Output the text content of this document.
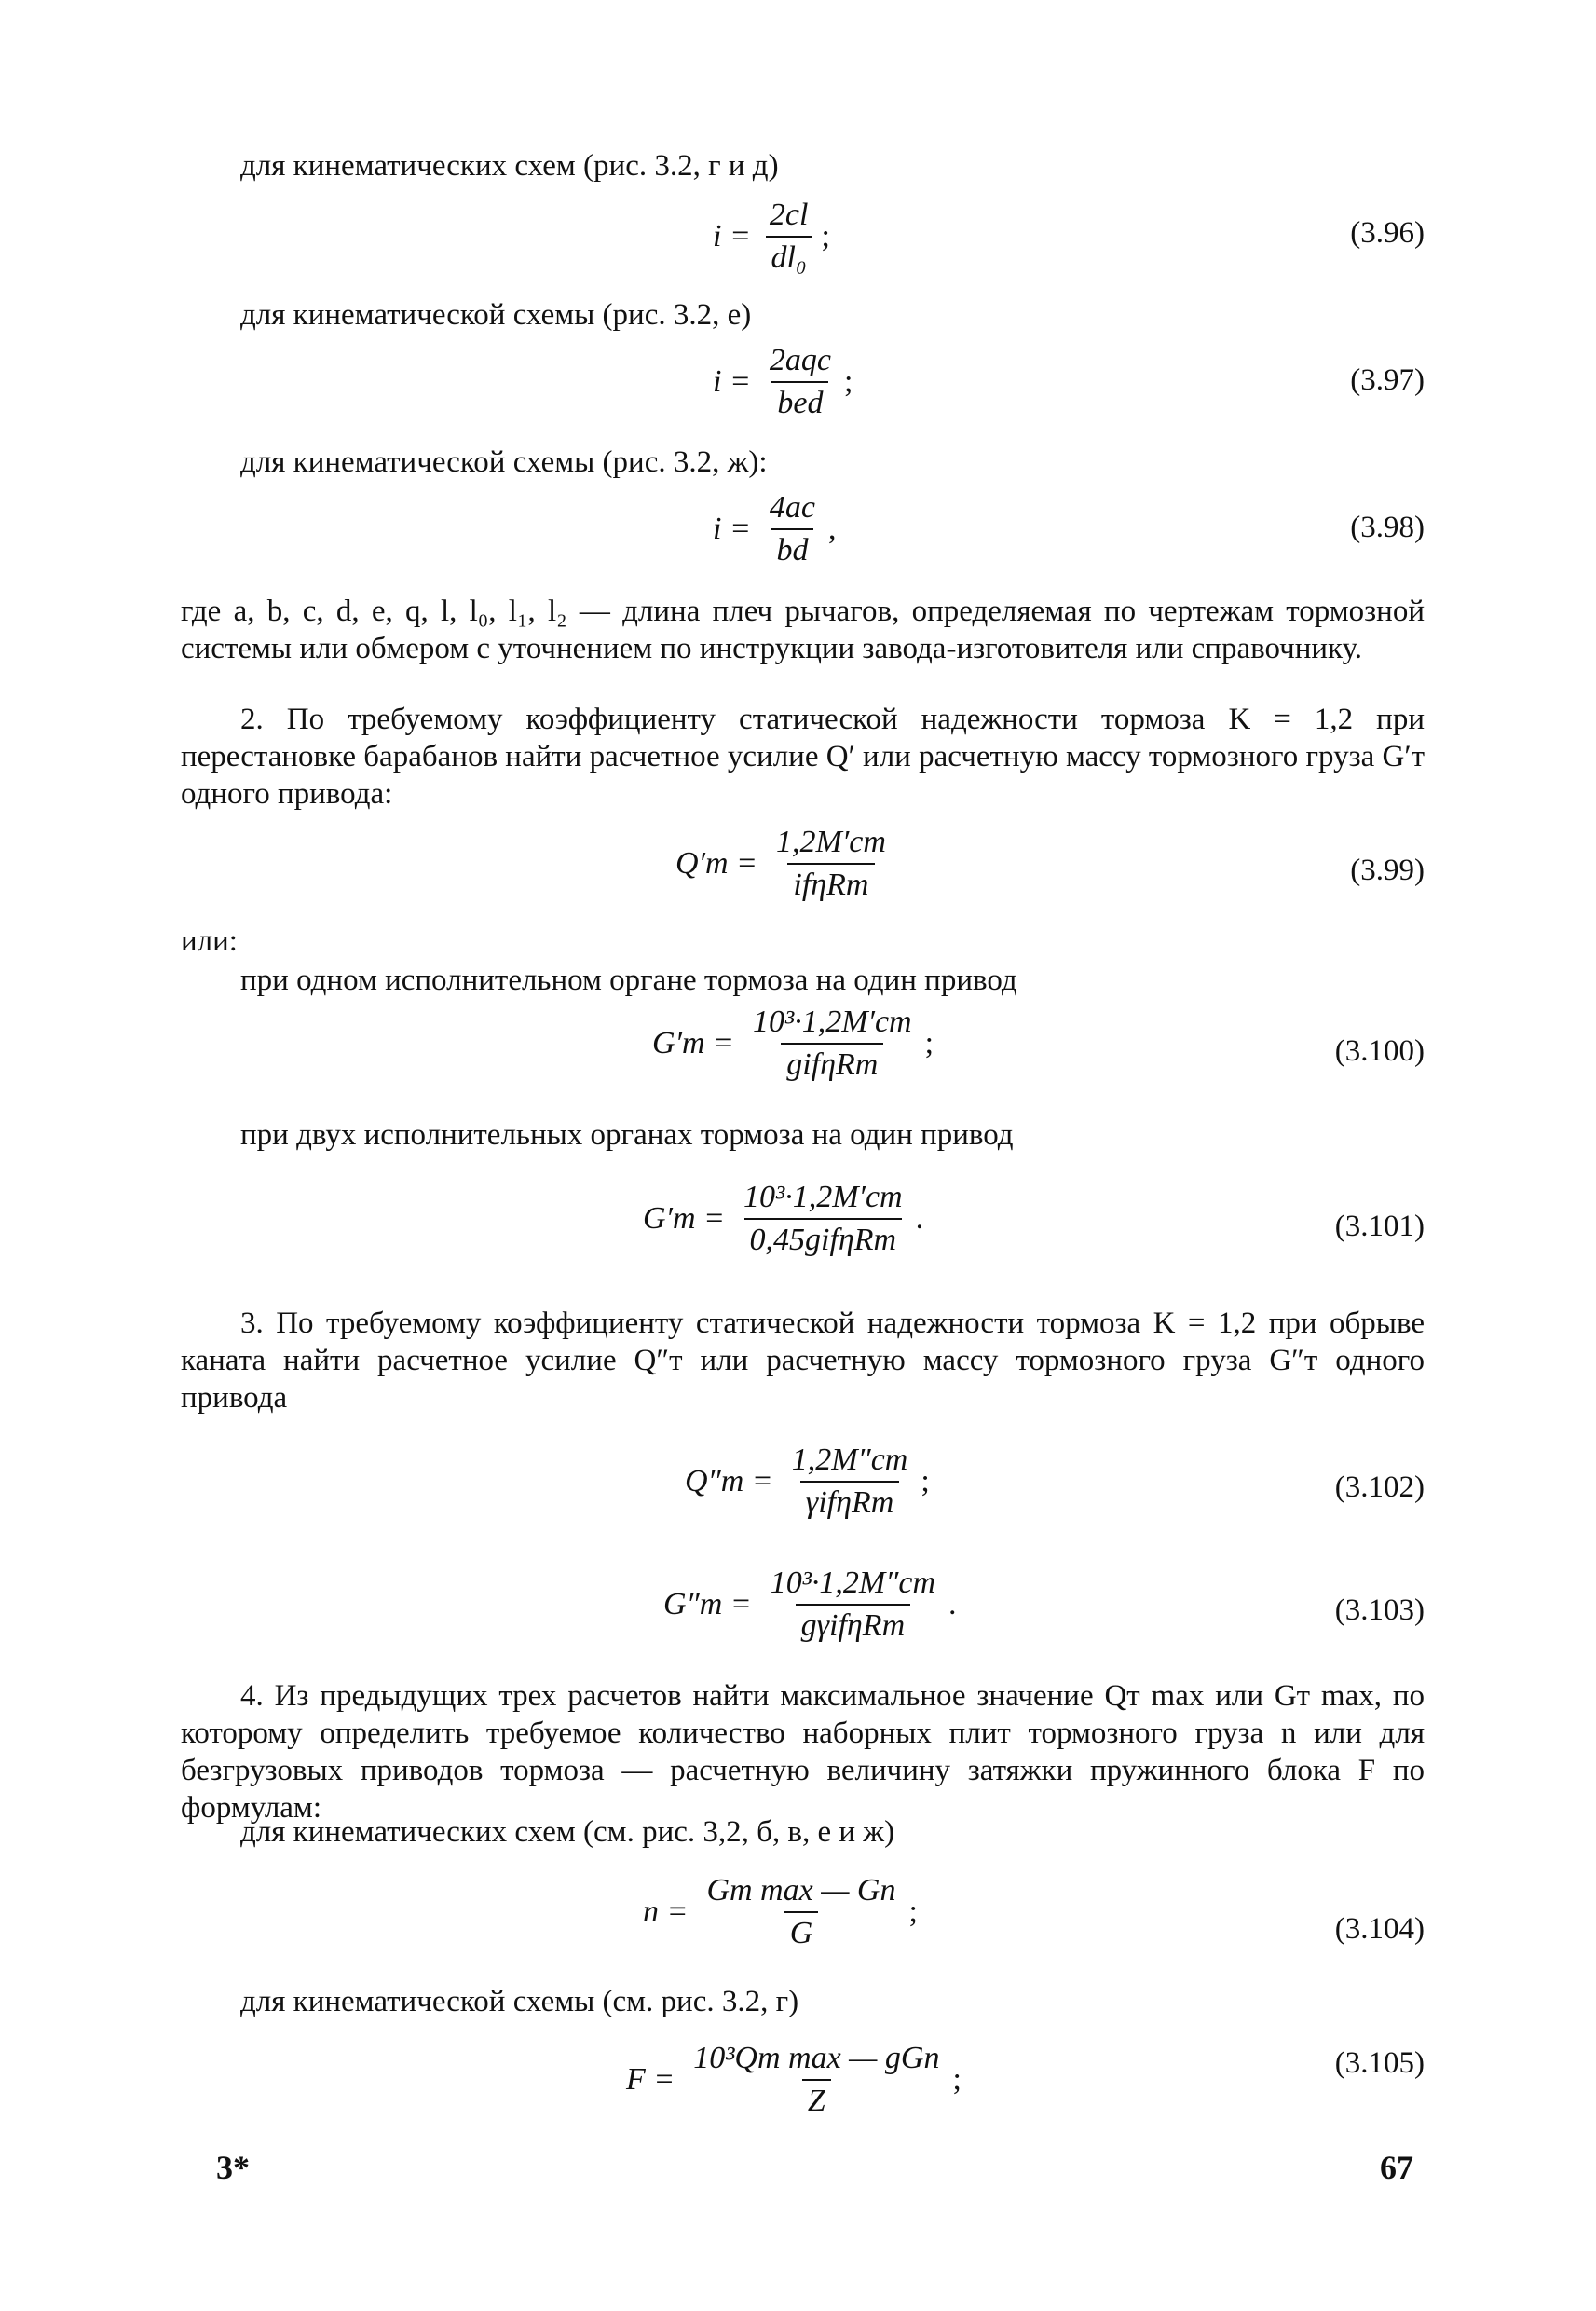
для кинематических схем (рис. 3.2, г и д)
$i = \frac{2cl}{\text{dl₀}}$ ;	(3.96)
для кинематической схемы (рис. 3.2, е)
$i = \frac{\text{2aqc}}{\text{bed}}$ ;	(3.97)
для кинематической схемы (рис. 3.2, ж):
$i = \frac{4ac}{bd}$ ,	(3.98)
где a, b, c, d, e, q, l, l₀, l₁, l₂ — длина плеч рычагов, определяемая по чертежам тормозной системы или обмером с уточнением по инструкции завода-изготовителя или справочнику.
2. По требуемому коэффициенту статической надежности тормоза K = 1,2 при перестановке барабанов найти расчетное усилие Q′ или расчетную массу тормозного груза G′т одного привода:
$Q'т = \frac{1,2M'ст}{\text{ifηRт}}$	(3.99)
или:
при одном исполнительном органе тормоза на один привод
$G'т = \frac{\text{10³·1,2M′ст}}{\text{gifηRт}}$ ;	(3.100)
при двух исполнительных органах тормоза на один привод
$G'т = \frac{\text{10³·1,2M′ст}}{\text{0,45gifηRт}}$ .	(3.101)
3. По требуемому коэффициенту статической надежности тормоза K = 1,2 при обрыве каната найти расчетное усилие Q″т или расчетную массу тормозного груза G″т одного привода
$Q''т = \frac{1,2M''ст}{\text{γifηRт}}$ ;	(3.102)
$G''т = \frac{\text{10³·1,2M″ст}}{\text{gγifηRт}}$ .	(3.103)
4. Из предыдущих трех расчетов найти максимальное значение Qт max или Gт max, по которому определить требуемое количество наборных плит тормозного груза n или для безгрузовых приводов тормоза — расчетную величину затяжки пружинного блока F по формулам:
для кинематических схем (см. рис. 3,2, б, в, е и ж)
$n = \frac{\text{Gт max — Gп}}{G}$ ;	(3.104)
для кинематической схемы (см. рис. 3.2, г)
$F = \frac{\text{10³Qт max — gGп}}{Z}$ ;	(3.105)
3*	67
